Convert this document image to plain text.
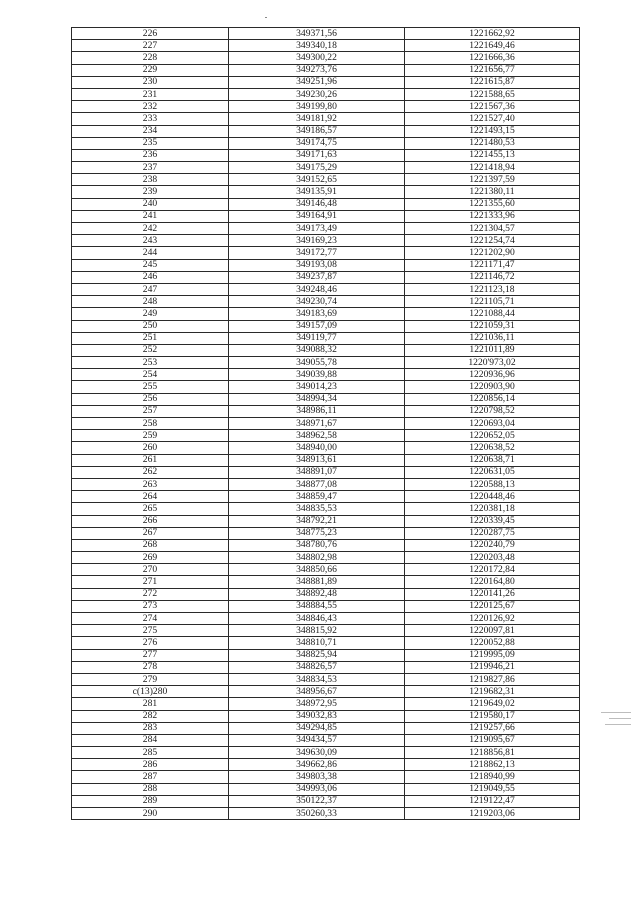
226	349371,56	1221662,92
227	349340,18	1221649,46
228	349300,22	1221666,36
229	349273,76	1221656,77
230	349251,96	1221615,87
231	349230,26	1221588,65
232	349199,80	1221567,36
233	349181,92	1221527,40
234	349186,57	1221493,15
235	349174,75	1221480,53
236	349171,63	1221455,13
237	349175,29	1221418,94
238	349152,65	1221397,59
239	349135,91	1221380,11
240	349146,48	1221355,60
241	349164,91	1221333,96
242	349173,49	1221304,57
243	349169,23	1221254,74
244	349172,77	1221202,90
245	349193,08	1221171,47
246	349237,87	1221146,72
247	349248,46	1221123,18
248	349230,74	1221105,71
249	349183,69	1221088,44
250	349157,09	1221059,31
251	349119,77	1221036,11
252	349088,32	1221011,89
253	349055,78	1220'973,02
254	349039,88	1220936,96
255	349014,23	1220903,90
256	348994,34	1220856,14
257	348986,11	1220798,52
258	348971,67	1220693,04
259	348962,58	1220652,05
260	348940,00	1220638,52
261	348913,61	1220638,71
262	348891,07	1220631,05
263	348877,08	1220588,13
264	348859,47	1220448,46
265	348835,53	1220381,18
266	348792,21	1220339,45
267	348775,23	1220287,75
268	348780,76	1220240,79
269	348802,98	1220203,48
270	348850,66	1220172,84
271	348881,89	1220164,80
272	348892,48	1220141,26
273	348884,55	1220125,67
274	348846,43	1220126,92
275	348815,92	1220097,81
276	348810,71	1220052,88
277	348825,94	1219995,09
278	348826,57	1219946,21
279	348834,53	1219827,86
с(13)280	348956,67	1219682,31
281	348972,95	1219649,02
282	349032,83	1219580,17
283	349294,85	1219257,66
284	349434,57	1219095,67
285	349630,09	1218856,81
286	349662,86	1218862,13
287	349803,38	1218940,99
288	349993,06	1219049,55
289	350122,37	1219122,47
290	350260,33	1219203,06
